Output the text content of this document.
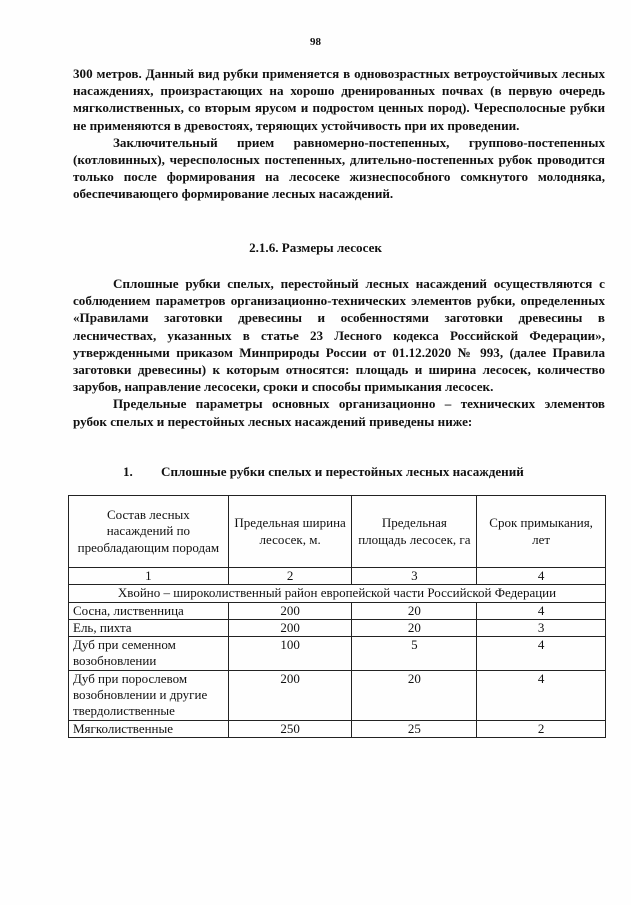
98

300 метров. Данный вид рубки применяется в одновозрастных ветроустойчивых лесных насаждениях, произрастающих на хорошо дренированных почвах (в первую очередь мягколиственных, со вторым ярусом и подростом ценных пород). Чересполосные рубки не применяются в древостоях, теряющих устойчивость при их проведении.

Заключительный прием равномерно-постепенных, группово-постепенных (котловинных), чересполосных постепенных, длительно-постепенных рубок проводится только после формирования на лесосеке жизнеспособного сомкнутого молодняка, обеспечивающего формирование лесных насаждений.

2.1.6. Размеры лесосек

Сплошные рубки спелых, перестойный лесных насаждений осуществляются с соблюдением параметров организационно-технических элементов рубки, определенных «Правилами заготовки древесины и особенностями заготовки древесины в лесничествах, указанных в статье 23 Лесного кодекса Российской Федерации», утвержденными приказом Минприроды России от 01.12.2020 № 993, (далее Правила заготовки древесины) к которым относятся: площадь и ширина лесосек, количество зарубов, направление лесосеки, сроки и способы примыкания лесосек.

Предельные параметры основных организационно – технических элементов рубок спелых и перестойных лесных насаждений приведены ниже:

1. Сплошные рубки спелых и перестойных лесных насаждений
Состав лесных насаждений по преобладающим породам	Предельная ширина лесосек, м.	Предельная площадь лесосек, га	Срок примыкания, лет
1	2	3	4
Хвойно – широколиственный район европейской части Российской Федерации			
Сосна, лиственница	200	20	4
Ель, пихта	200	20	3
Дуб при семенном возобновлении	100	5	4
Дуб при порослевом возобновлении и другие твердолиственные	200	20	4
Мягколиственные	250	25	2
